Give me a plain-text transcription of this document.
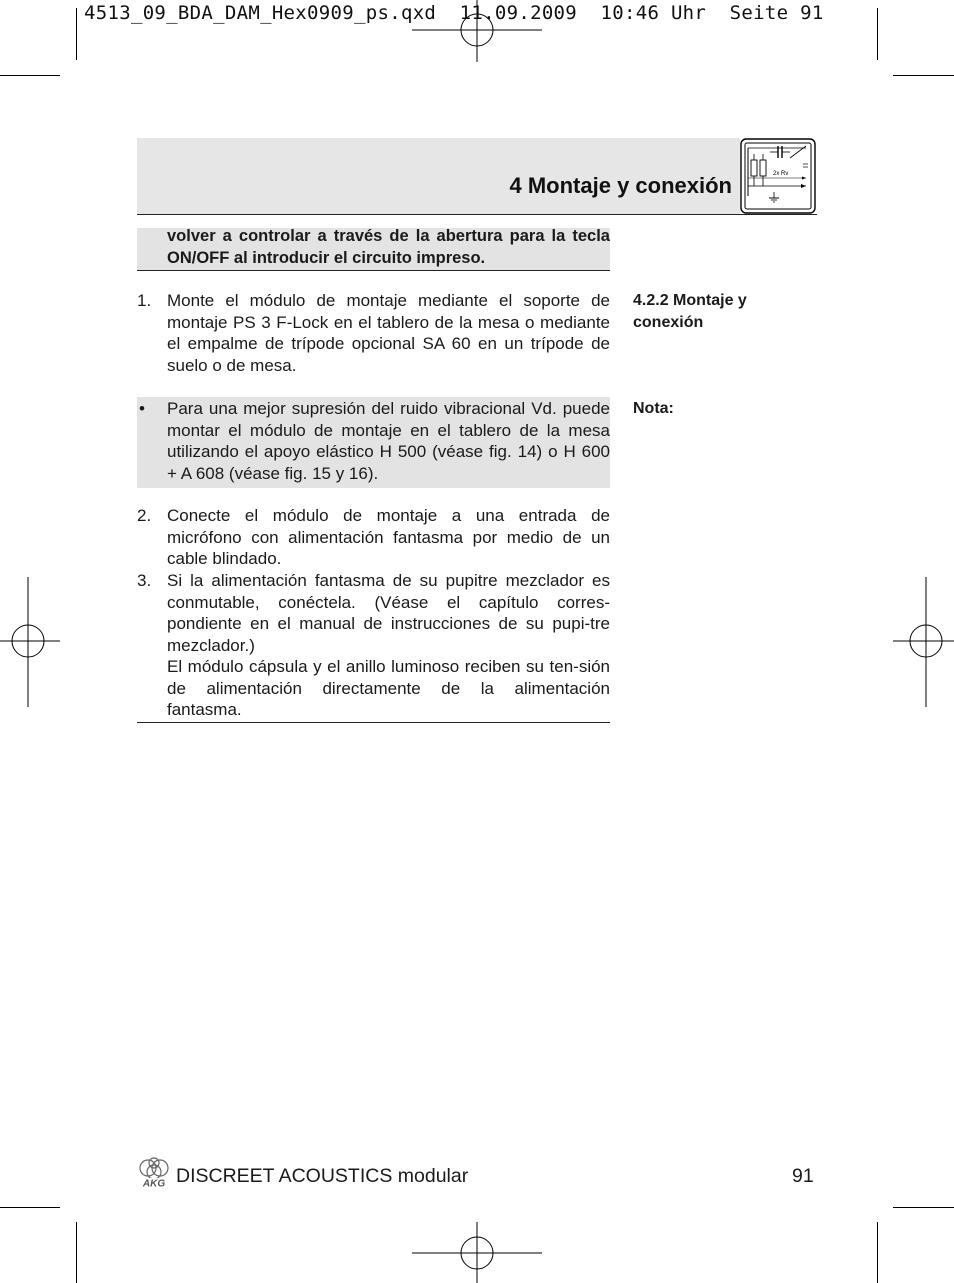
4513_09_BDA_DAM_Hex0909_ps.qxd  11.09.2009  10:46 Uhr  Seite 91
4 Montaje y conexión	2x Rv
volver a controlar a través de la abertura para la tecla ON/OFF al introducir el circuito impreso.
4.2.2 Montaje y
conexión
Nota:
1. Monte el módulo de montaje mediante el soporte de montaje PS 3 F-Lock en el tablero de la mesa o mediante el empalme de trípode opcional SA 60 en un trípode de suelo o de mesa.
• Para una mejor supresión del ruido vibracional Vd. puede montar el módulo de montaje en el tablero de la mesa utilizando el apoyo elástico H 500 (véase fig. 14) o H 600 + A 608 (véase fig. 15 y 16).
2. Conecte el módulo de montaje a una entrada de micrófono con alimentación fantasma por medio de un cable blindado.
3. Si la alimentación fantasma de su pupitre mezclador es conmutable, conéctela. (Véase el capítulo corres-pondiente en el manual de instrucciones de su pupi-tre mezclador.)
El módulo cápsula y el anillo luminoso reciben su ten-sión de alimentación directamente de la alimentación fantasma.
AKG DISCREET ACOUSTICS modular	91
